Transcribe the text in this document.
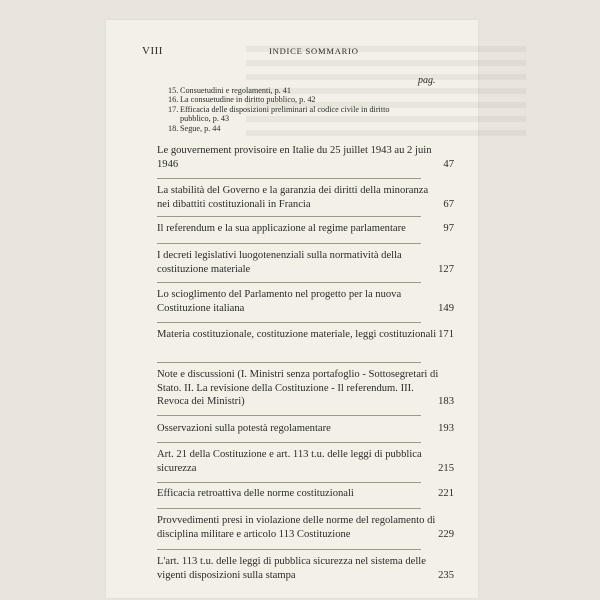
VIII	INDICE SOMMARIO
pag.
15. Consuetudini e regolamenti, p. 41
16. La consuetudine in diritto pubblico, p. 42
17. Efficacia delle disposizioni preliminari al codice civile in diritto pubblico, p. 43
18. Segue, p. 44
Le gouvernement provisoire en Italie du 25 juillet 1943 au 2 juin 1946	47
La stabilità del Governo e la garanzia dei diritti della minoranza nei dibattiti costituzionali in Francia	67
Il referendum e la sua applicazione al regime parlamentare	97
I decreti legislativi luogotenenziali sulla normatività della costituzione materiale	127
Lo scioglimento del Parlamento nel progetto per la nuova Costituzione italiana	149
Materia costituzionale, costituzione materiale, leggi costituzionali 171
Note e discussioni (I. Ministri senza portafoglio - Sottosegretari di Stato. II. La revisione della Costituzione - Il referendum. III. Revoca dei Ministri)	183
Osservazioni sulla potestà regolamentare	193
Art. 21 della Costituzione e art. 113 t.u. delle leggi di pubblica sicurezza	215
Efficacia retroattiva delle norme costituzionali	221
Provvedimenti presi in violazione delle norme del regolamento di disciplina militare e articolo 113 Costituzione	229
L'art. 113 t.u. delle leggi di pubblica sicurezza nel sistema delle vigenti disposizioni sulla stampa	235
